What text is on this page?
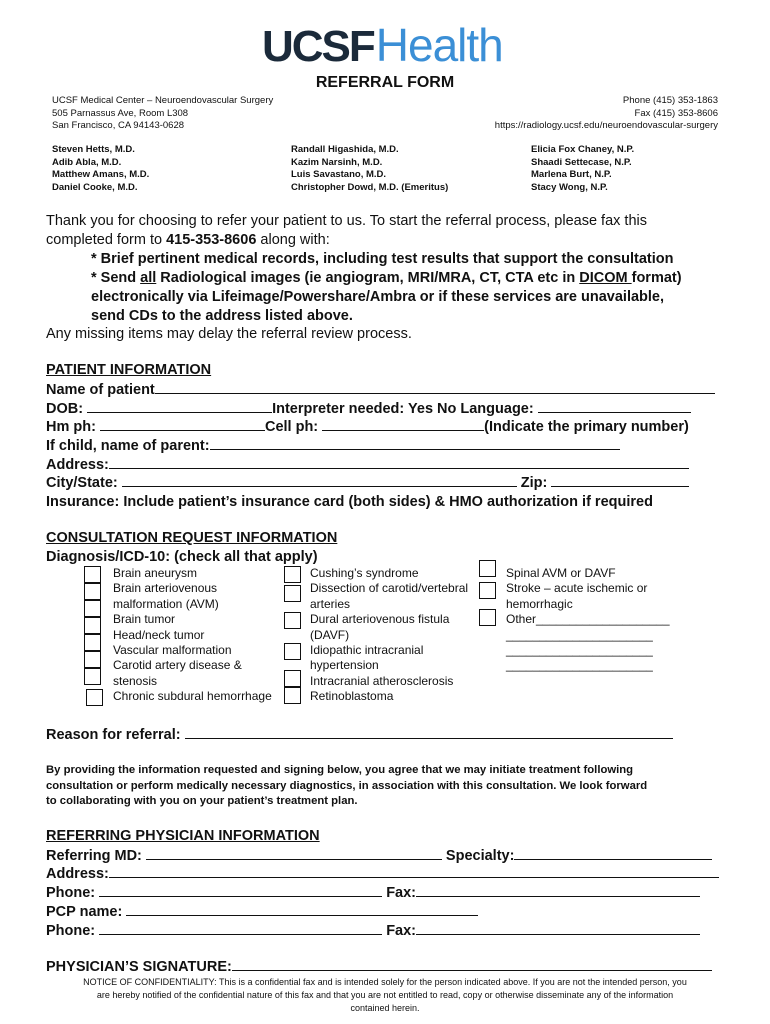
UCSFHealth
REFERRAL FORM
UCSF Medical Center – Neuroendovascular Surgery
505 Parnassus Ave, Room L308
San Francisco, CA 94143-0628
Phone (415) 353-1863
Fax (415) 353-8606
https://radiology.ucsf.edu/neuroendovascular-surgery
Steven Hetts, M.D.
Adib Abla, M.D.
Matthew Amans, M.D.
Daniel Cooke, M.D.
Randall Higashida, M.D.
Kazim Narsinh, M.D.
Luis Savastano, M.D.
Christopher Dowd, M.D. (Emeritus)
Elicia Fox Chaney, N.P.
Shaadi Settecase, N.P.
Marlena Burt, N.P.
Stacy Wong, N.P.
Thank you for choosing to refer your patient to us. To start the referral process, please fax this
completed form to 415-353-8606 along with:
* Brief pertinent medical records, including test results that support the consultation
* Send all Radiological images (ie angiogram, MRI/MRA, CT, CTA etc in DICOM format)
electronically via Lifeimage/Powershare/Ambra or if these services are unavailable,
send CDs to the address listed above.
Any missing items may delay the referral review process.
PATIENT INFORMATION
Name of patient
DOB:	Interpreter needed: Yes No Language:
Hm ph:	Cell ph:	(Indicate the primary number)
If child, name of parent:
Address:
City/State:	Zip:
Insurance: Include patient’s insurance card (both sides) & HMO authorization if required
CONSULTATION REQUEST INFORMATION
Diagnosis/ICD-10: (check all that apply)
Brain aneurysm
Brain arteriovenous
malformation (AVM)
Brain tumor
Head/neck tumor
Vascular malformation
Carotid artery disease &
stenosis
Chronic subdural hemorrhage
Cushing’s syndrome
Dissection of carotid/vertebral
arteries
Dural arteriovenous fistula
(DAVF)
Idiopathic intracranial
hypertension
Intracranial atherosclerosis
Retinoblastoma
Spinal AVM or DAVF
Stroke – acute ischemic or
hemorrhagic
Other____________________
______________________
______________________
______________________
Reason for referral:
By providing the information requested and signing below, you agree that we may initiate treatment following
consultation or perform medically necessary diagnostics, in association with this consultation. We look forward
to collaborating with you on your patient’s treatment plan.
REFERRING PHYSICIAN INFORMATION
Referring MD:	Specialty:
Address:
Phone:	Fax:
PCP name:
Phone:	Fax:
PHYSICIAN’S SIGNATURE:
NOTICE OF CONFIDENTIALITY: This is a confidential fax and is intended solely for the person indicated above. If you are not the intended person, you
are hereby notified of the confidential nature of this fax and that you are not entitled to read, copy or otherwise disseminate any of the information
contained herein.
